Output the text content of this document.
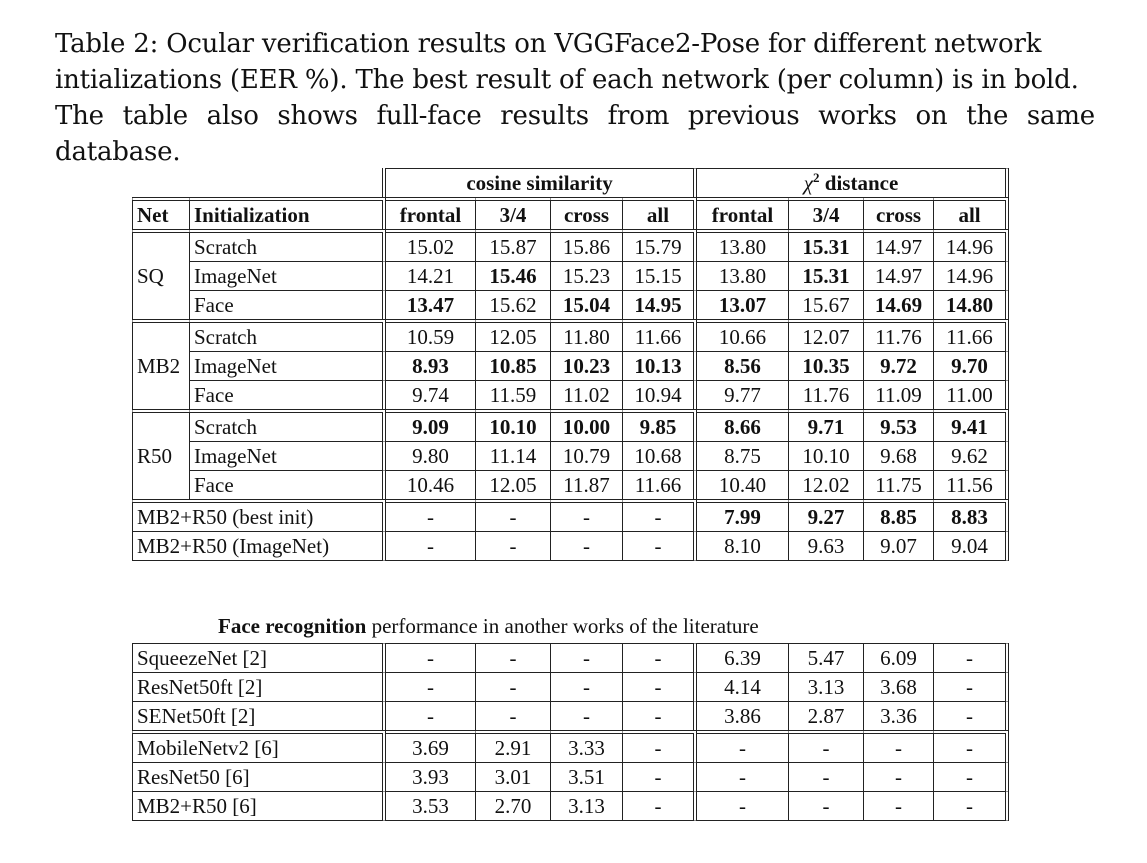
Table 2: Ocular verification results on VGGFace2-Pose for different network
intializations (EER %). The best result of each network (per column) is in bold.
The table also shows full-face results from previous works on the same database.
		cosine similarity				$\chi^2$ distance			
Net	Initialization	frontal	3/4	cross	all	frontal	3/4	cross	all
SQ	Scratch	15.02	15.87	15.86	15.79	13.80	15.31	14.97	14.96
	ImageNet	14.21	15.46	15.23	15.15	13.80	15.31	14.97	14.96
	Face	13.47	15.62	15.04	14.95	13.07	15.67	14.69	14.80
MB2	Scratch	10.59	12.05	11.80	11.66	10.66	12.07	11.76	11.66
	ImageNet	8.93	10.85	10.23	10.13	8.56	10.35	9.72	9.70
	Face	9.74	11.59	11.02	10.94	9.77	11.76	11.09	11.00
R50	Scratch	9.09	10.10	10.00	9.85	8.66	9.71	9.53	9.41
	ImageNet	9.80	11.14	10.79	10.68	8.75	10.10	9.68	9.62
	Face	10.46	12.05	11.87	11.66	10.40	12.02	11.75	11.56
MB2+R50 (best init)		-	-	-	-	7.99	9.27	8.85	8.83
MB2+R50 (ImageNet)		-	-	-	-	8.10	9.63	9.07	9.04
Face recognition performance in another works of the literature
SqueezeNet [2]	-	-	-	-	6.39	5.47	6.09	-
ResNet50ft [2]	-	-	-	-	4.14	3.13	3.68	-
SENet50ft [2]	-	-	-	-	3.86	2.87	3.36	-
MobileNetv2 [6]	3.69	2.91	3.33	-	-	-	-	-
ResNet50 [6]	3.93	3.01	3.51	-	-	-	-	-
MB2+R50 [6]	3.53	2.70	3.13	-	-	-	-	-
